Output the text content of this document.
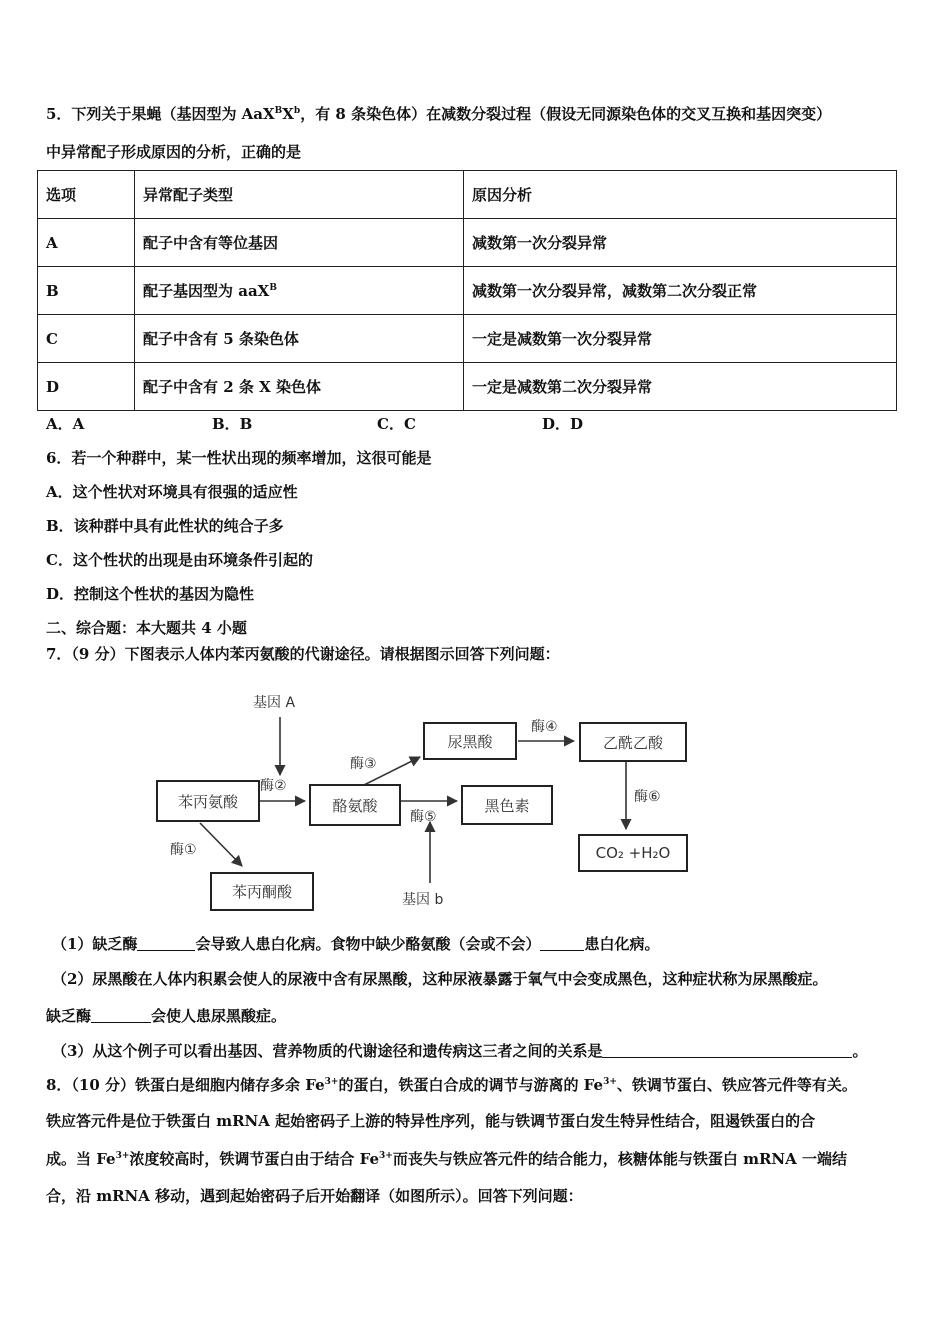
5．下列关于果蝇（基因型为 $AaX^BX^b$，有 8 条染色体）在减数分裂过程（假设无同源染色体的交叉互换和基因突变）
中异常配子形成原因的分析，正确的是
选项	异常配子类型	原因分析
A	配子中含有等位基因	减数第一次分裂异常
B	配子基因型为 aaX$^B$	减数第一次分裂异常，减数第二次分裂正常
C	配子中含有 5 条染色体	一定是减数第一次分裂异常
D	配子中含有 2 条 X 染色体	一定是减数第二次分裂异常
A．A	B．B	C．C	D．D
6．若一个种群中，某一性状出现的频率增加，这很可能是
A．这个性状对环境具有很强的适应性
B．该种群中具有此性状的纯合子多
C．这个性状的出现是由环境条件引起的
D．控制这个性状的基因为隐性
二、综合题：本大题共 4 小题
7．（9 分）下图表示人体内苯丙氨酸的代谢途径。请根据图示回答下列问题：
基因 A
苯丙氨酸	酪氨酸
尿黑酸	乙酰乙酸
黑色素
CO₂ +H₂O
苯丙酮酸
酶②
酶①
酶③
酶⑤
酶④
酶⑥
基因 b
（1）缺乏酶	会导致人患白化病。食物中缺少酪氨酸（会或不会）	患白化病。
（2）尿黑酸在人体内积累会使人的尿液中含有尿黑酸，这种尿液暴露于氧气中会变成黑色，这种症状称为尿黑酸症。
缺乏酶	会使人患尿黑酸症。
（3）从这个例子可以看出基因、营养物质的代谢途径和遗传病这三者之间的关系是	。
8．（10 分）铁蛋白是细胞内储存多余 $Fe^{3+}$的蛋白，铁蛋白合成的调节与游离的 $Fe^{3+}$、铁调节蛋白、铁应答元件等有关。
铁应答元件是位于铁蛋白 mRNA 起始密码子上游的特异性序列，能与铁调节蛋白发生特异性结合，阻遏铁蛋白的合
成。当 $Fe^{3+}$浓度较高时，铁调节蛋白由于结合 $Fe^{3+}$而丧失与铁应答元件的结合能力，核糖体能与铁蛋白 mRNA 一端结
合，沿 mRNA 移动，遇到起始密码子后开始翻译（如图所示）。回答下列问题：
